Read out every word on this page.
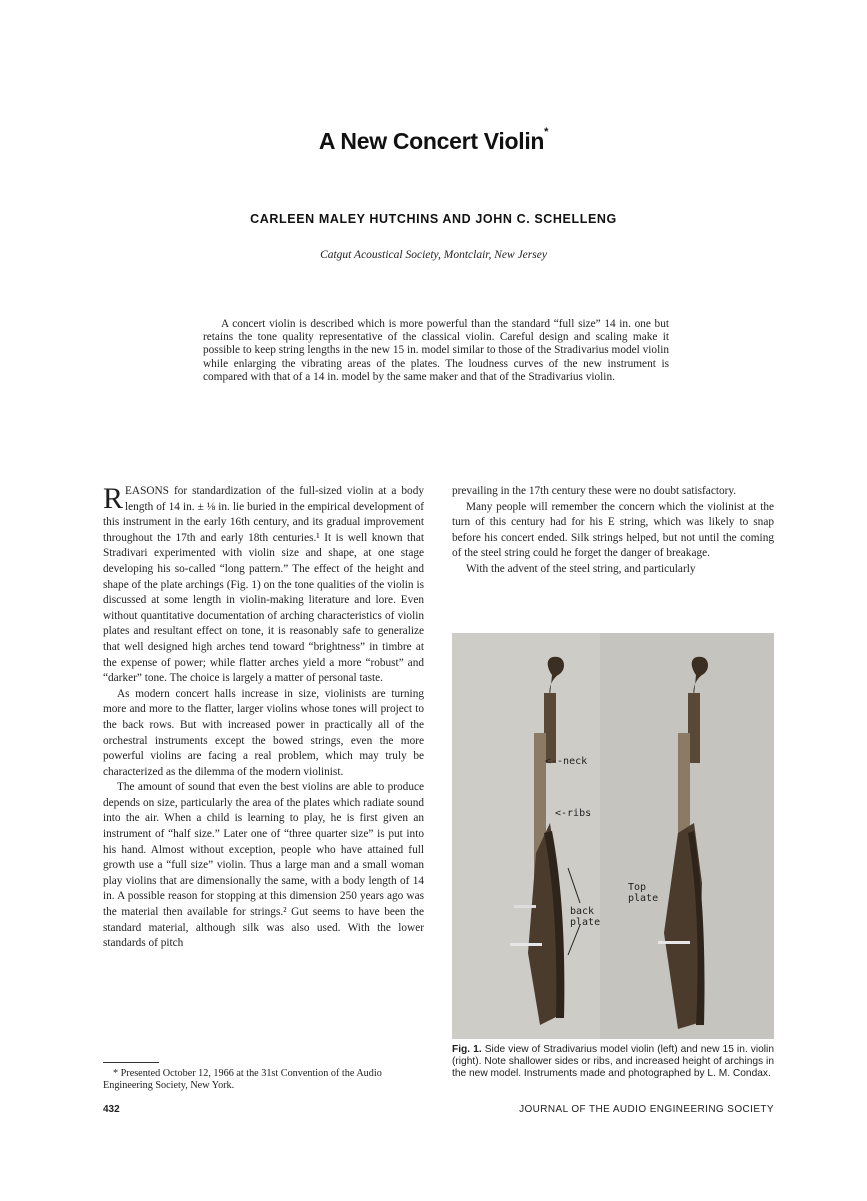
A New Concert Violin*
CARLEEN MALEY HUTCHINS AND JOHN C. SCHELLENG
Catgut Acoustical Society, Montclair, New Jersey
A concert violin is described which is more powerful than the standard “full size” 14 in. one but retains the tone quality representative of the classical violin. Careful design and scaling make it possible to keep string lengths in the new 15 in. model similar to those of the Stradivarius model violin while enlarging the vibrating areas of the plates. The loudness curves of the new instrument is compared with that of a 14 in. model by the same maker and that of the Stradivarius violin.

REASONS for standardization of the full-sized violin at a body length of 14 in. ± ⅛ in. lie buried in the empirical development of this instrument in the early 16th century, and its gradual improvement throughout the 17th and early 18th centuries.¹ It is well known that Stradivari experimented with violin size and shape, at one stage developing his so-called “long pattern.” The effect of the height and shape of the plate archings (Fig. 1) on the tone qualities of the violin is discussed at some length in violin-making literature and lore. Even without quantitative documentation of arching characteristics of violin plates and resultant effect on tone, it is reasonably safe to generalize that well designed high arches tend toward “brightness” in timbre at the expense of power; while flatter arches yield a more “robust” and “darker” tone. The choice is largely a matter of personal taste.

As modern concert halls increase in size, violinists are turning more and more to the flatter, larger violins whose tones will project to the back rows. But with increased power in practically all of the orchestral instruments except the bowed strings, even the more powerful violins are facing a real problem, which may truly be characterized as the dilemma of the modern violinist.

The amount of sound that even the best violins are able to produce depends on size, particularly the area of the plates which radiate sound into the air. When a child is learning to play, he is first given an instrument of “half size.” Later one of “three quarter size” is put into his hand. Almost without exception, people who have attained full growth use a “full size” violin. Thus a large man and a small woman play violins that are dimensionally the same, with a body length of 14 in. A possible reason for stopping at this dimension 250 years ago was the material then available for strings.² Gut seems to have been the standard material, although silk was also used. With the lower standards of pitch

prevailing in the 17th century these were no doubt satisfactory.

Many people will remember the concern which the violinist at the turn of this century had for his E string, which was likely to snap before his concert ended. Silk strings helped, but not until the coming of the steel string could he forget the danger of breakage.

With the advent of the steel string, and particularly

<--neck
<-ribs
back
plate
Top
plate
Fig. 1. Side view of Stradivarius model violin (left) and new 15 in. violin (right). Note shallower sides or ribs, and increased height of archings in the new model. Instruments made and photographed by L. M. Condax.
* Presented October 12, 1966 at the 31st Convention of the Audio Engineering Society, New York.
432	JOURNAL OF THE AUDIO ENGINEERING SOCIETY
